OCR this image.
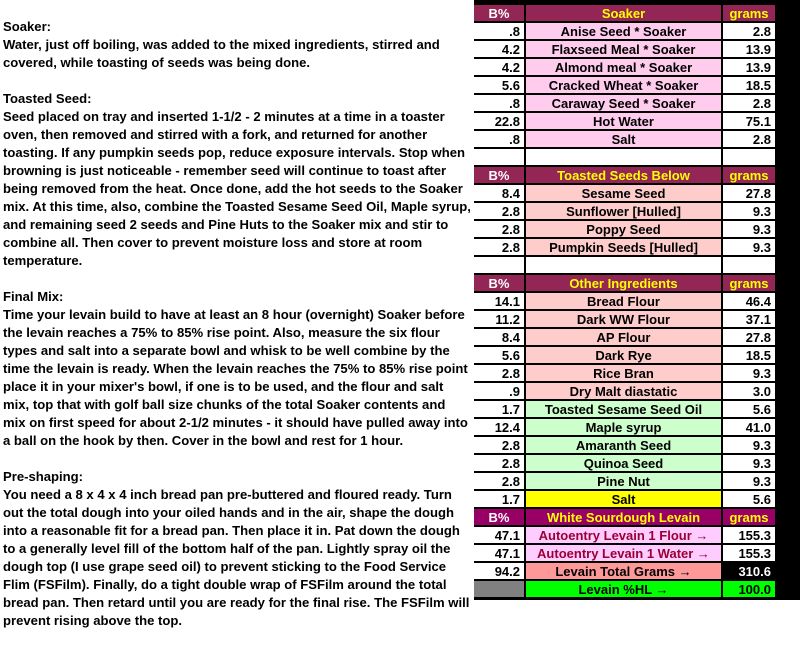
Soaker:
Water, just off boiling, was added to the mixed ingredients, stirred and covered, while toasting of seeds was being done.

Toasted Seed:
Seed placed on tray and inserted 1-1/2 - 2 minutes at a time in a toaster oven, then removed and stirred with a fork, and returned for another toasting. If any pumpkin seeds pop, reduce exposure intervals. Stop when browning is just noticeable - remember seed will continue to toast after being removed from the heat. Once done, add the hot seeds to the Soaker mix. At this time, also, combine the Toasted Sesame Seed Oil, Maple syrup, and remaining seed 2 seeds and Pine Huts to the Soaker mix and stir to combine all. Then cover to prevent moisture loss and store at room temperature.

Final Mix:
Time your levain build to have at least an 8 hour (overnight) Soaker before the levain reaches a 75% to 85% rise point. Also, measure the six flour types and salt into a separate bowl and whisk to be well combine by the time the levain is ready. When the levain reaches the 75% to 85% rise point place it in your mixer's bowl, if one is to be used, and the flour and salt mix, top that with golf ball size chunks of the total Soaker contents and mix on first speed for about 2-1/2 minutes - it should have pulled away into a ball on the hook by then. Cover in the bowl and rest for 1 hour.

Pre-shaping:
You need a 8 x 4 x 4 inch bread pan pre-buttered and floured ready. Turn out the total dough into your oiled hands and in the air, shape the dough into a reasonable fit for a bread pan. Then place it in. Pat down the dough to a generally level fill of the bottom half of the pan. Lightly spray oil the dough top (I use grape seed oil) to prevent sticking to the Food Service Flim (FSFilm). Finally, do a tight double wrap of FSFilm around the total bread pan. Then retard until you are ready for the final rise. The FSFilm will prevent rising above the top.

B%	Soaker	grams
.8	Anise Seed * Soaker	2.8
4.2	Flaxseed Meal * Soaker	13.9
4.2	Almond meal * Soaker	13.9
5.6	Cracked Wheat * Soaker	18.5
.8	Caraway Seed * Soaker	2.8
22.8	Hot Water	75.1
.8	Salt	2.8

B%	Toasted Seeds Below	grams
8.4	Sesame Seed	27.8
2.8	Sunflower [Hulled]	9.3
2.8	Poppy Seed	9.3
2.8	Pumpkin Seeds [Hulled]	9.3

B%	Other Ingredients	grams
14.1	Bread Flour	46.4
11.2	Dark WW Flour	37.1
8.4	AP Flour	27.8
5.6	Dark Rye	18.5
2.8	Rice Bran	9.3
.9	Dry Malt diastatic	3.0
1.7	Toasted Sesame Seed Oil	5.6
12.4	Maple syrup	41.0
2.8	Amaranth Seed	9.3
2.8	Quinoa Seed	9.3
2.8	Pine Nut	9.3
1.7	Salt	5.6
B%	White Sourdough Levain	grams
47.1	Autoentry Levain 1 Flour →	155.3
47.1	Autoentry Levain 1 Water →	155.3
94.2	Levain Total Grams →	310.6
	Levain %HL →	100.0
